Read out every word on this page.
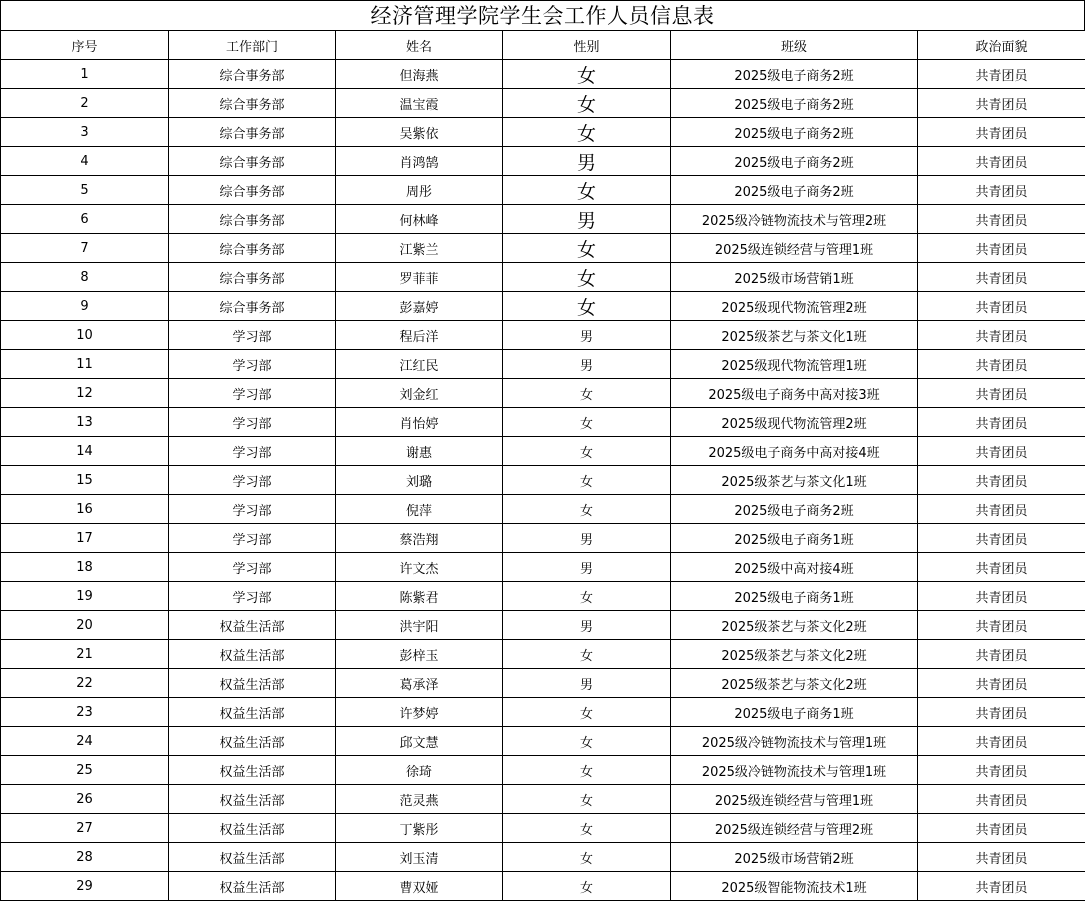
经济管理学院学生会工作人员信息表
序号	工作部门	姓名	性别	班级	政治面貌
1	综合事务部	但海燕	女	2025级电子商务2班	共青团员
2	综合事务部	温宝霞	女	2025级电子商务2班	共青团员
3	综合事务部	吴紫依	女	2025级电子商务2班	共青团员
4	综合事务部	肖鸿鹄	男	2025级电子商务2班	共青团员
5	综合事务部	周彤	女	2025级电子商务2班	共青团员
6	综合事务部	何林峰	男	2025级冷链物流技术与管理2班	共青团员
7	综合事务部	江紫兰	女	2025级连锁经营与管理1班	共青团员
8	综合事务部	罗菲菲	女	2025级市场营销1班	共青团员
9	综合事务部	彭嘉婷	女	2025级现代物流管理2班	共青团员
10	学习部	程后洋	男	2025级茶艺与茶文化1班	共青团员
11	学习部	江红民	男	2025级现代物流管理1班	共青团员
12	学习部	刘金红	女	2025级电子商务中高对接3班	共青团员
13	学习部	肖怡婷	女	2025级现代物流管理2班	共青团员
14	学习部	谢惠	女	2025级电子商务中高对接4班	共青团员
15	学习部	刘璐	女	2025级茶艺与茶文化1班	共青团员
16	学习部	倪萍	女	2025级电子商务2班	共青团员
17	学习部	蔡浩翔	男	2025级电子商务1班	共青团员
18	学习部	许文杰	男	2025级中高对接4班	共青团员
19	学习部	陈紫君	女	2025级电子商务1班	共青团员
20	权益生活部	洪宇阳	男	2025级茶艺与茶文化2班	共青团员
21	权益生活部	彭梓玉	女	2025级茶艺与茶文化2班	共青团员
22	权益生活部	葛承泽	男	2025级茶艺与茶文化2班	共青团员
23	权益生活部	许梦婷	女	2025级电子商务1班	共青团员
24	权益生活部	邱文慧	女	2025级冷链物流技术与管理1班	共青团员
25	权益生活部	徐琦	女	2025级冷链物流技术与管理1班	共青团员
26	权益生活部	范灵燕	女	2025级连锁经营与管理1班	共青团员
27	权益生活部	丁紫彤	女	2025级连锁经营与管理2班	共青团员
28	权益生活部	刘玉清	女	2025级市场营销2班	共青团员
29	权益生活部	曹双娅	女	2025级智能物流技术1班	共青团员
